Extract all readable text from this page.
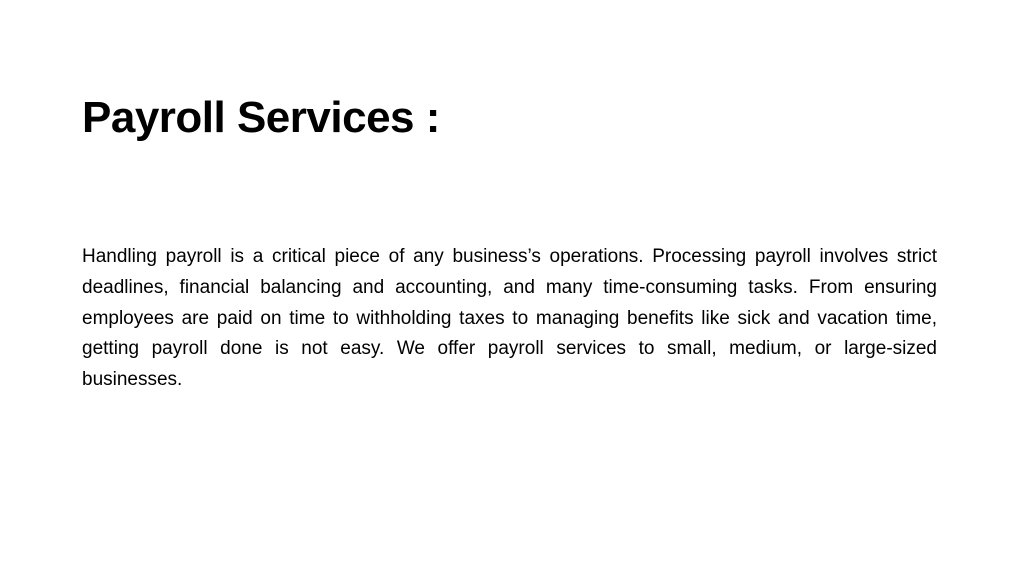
Payroll Services :

Handling payroll is a critical piece of any business’s operations. Processing payroll involves strict deadlines, financial balancing and accounting, and many time-consuming tasks. From ensuring employees are paid on time to withholding taxes to managing benefits like sick and vacation time, getting payroll done is not easy. We offer payroll services to small, medium, or large-sized businesses.
